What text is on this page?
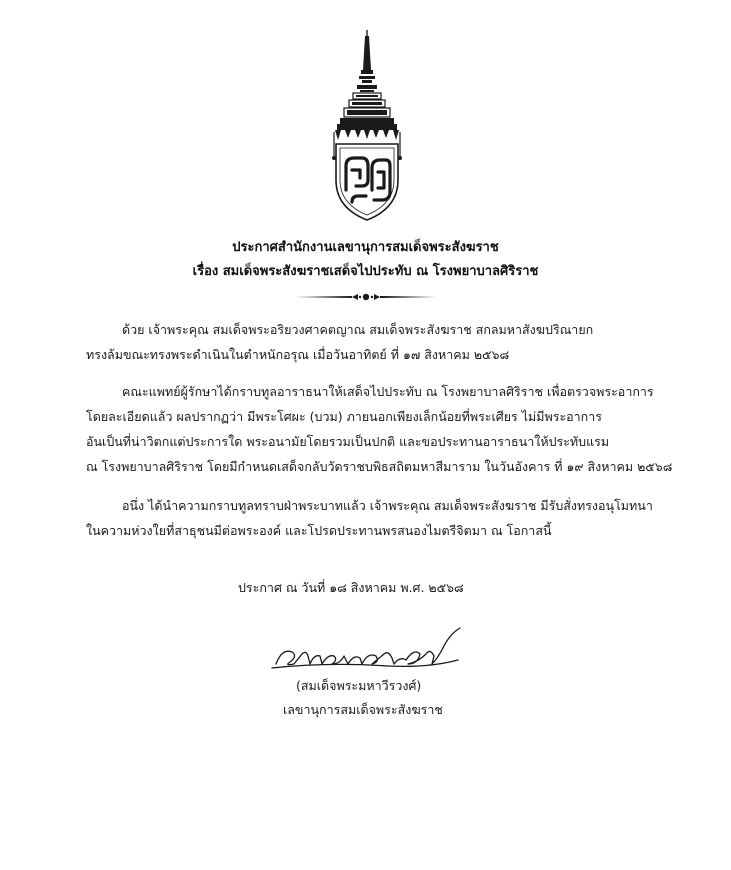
ประกาศสำนักงานเลขานุการสมเด็จพระสังฆราช
เรื่อง สมเด็จพระสังฆราชเสด็จไปประทับ ณ โรงพยาบาลศิริราช
ด้วย เจ้าพระคุณ สมเด็จพระอริยวงศาคตญาณ สมเด็จพระสังฆราช สกลมหาสังฆปริณายก
ทรงล้มขณะทรงพระดำเนินในตำหนักอรุณ เมื่อวันอาทิตย์ ที่ ๑๗ สิงหาคม ๒๕๖๘
คณะแพทย์ผู้รักษาได้กราบทูลอาราธนาให้เสด็จไปประทับ ณ โรงพยาบาลศิริราช เพื่อตรวจพระอาการ
โดยละเอียดแล้ว ผลปรากฏว่า มีพระโศผะ (บวม) ภายนอกเพียงเล็กน้อยที่พระเศียร ไม่มีพระอาการ
อันเป็นที่น่าวิตกแต่ประการใด พระอนามัยโดยรวมเป็นปกติ และขอประทานอาราธนาให้ประทับแรม
ณ โรงพยาบาลศิริราช โดยมีกำหนดเสด็จกลับวัดราชบพิธสถิตมหาสีมาราม ในวันอังคาร ที่ ๑๙ สิงหาคม ๒๕๖๘
อนึ่ง ได้นำความกราบทูลทราบฝ่าพระบาทแล้ว เจ้าพระคุณ สมเด็จพระสังฆราช มีรับสั่งทรงอนุโมทนา
ในความห่วงใยที่สาธุชนมีต่อพระองค์ และโปรดประทานพรสนองไมตรีจิตมา ณ โอกาสนี้
ประกาศ ณ วันที่ ๑๘ สิงหาคม พ.ศ. ๒๕๖๘
(สมเด็จพระมหาวีรวงศ์)
เลขานุการสมเด็จพระสังฆราช
